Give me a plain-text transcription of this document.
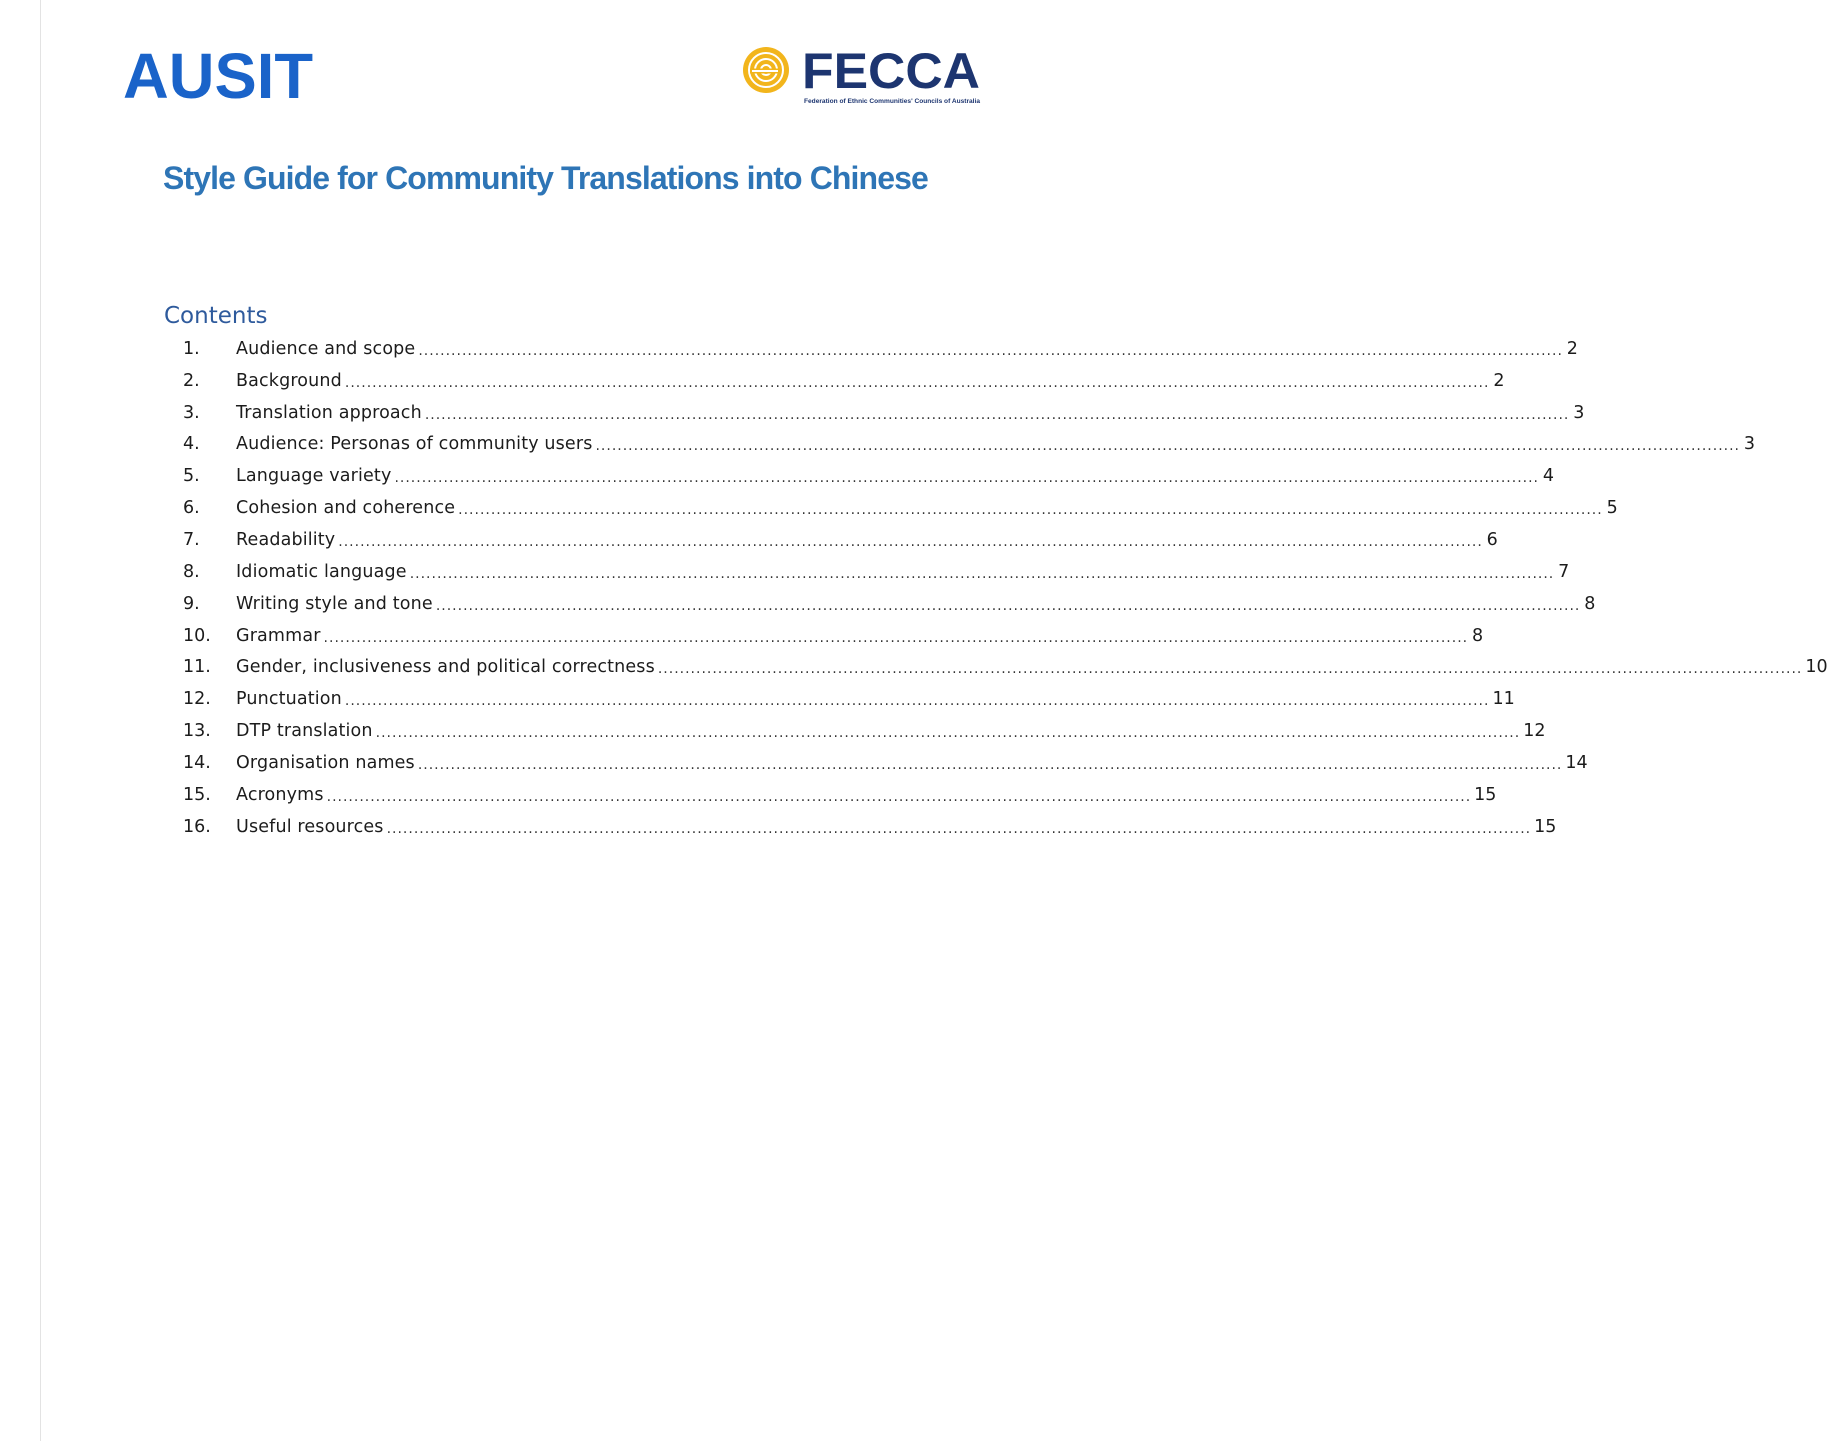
AUSIT	FECCA
Federation of Ethnic Communities' Councils of Australia
Style Guide for Community Translations into Chinese
Contents
1.	Audience and scope .................................................................................................................................................................................................................. 2
2.	Background .................................................................................................................................................................................................................. 2
3.	Translation approach .................................................................................................................................................................................................................. 3
4.	Audience: Personas of community users .................................................................................................................................................................................................................. 3
5.	Language variety .................................................................................................................................................................................................................. 4
6.	Cohesion and coherence .................................................................................................................................................................................................................. 5
7.	Readability .................................................................................................................................................................................................................. 6
8.	Idiomatic language .................................................................................................................................................................................................................. 7
9.	Writing style and tone .................................................................................................................................................................................................................. 8
10.	Grammar .................................................................................................................................................................................................................. 8
11.	Gender, inclusiveness and political correctness .................................................................................................................................................................................................................. 10
12.	Punctuation .................................................................................................................................................................................................................. 11
13.	DTP translation .................................................................................................................................................................................................................. 12
14.	Organisation names .................................................................................................................................................................................................................. 14
15.	Acronyms .................................................................................................................................................................................................................. 15
16.	Useful resources .................................................................................................................................................................................................................. 15
